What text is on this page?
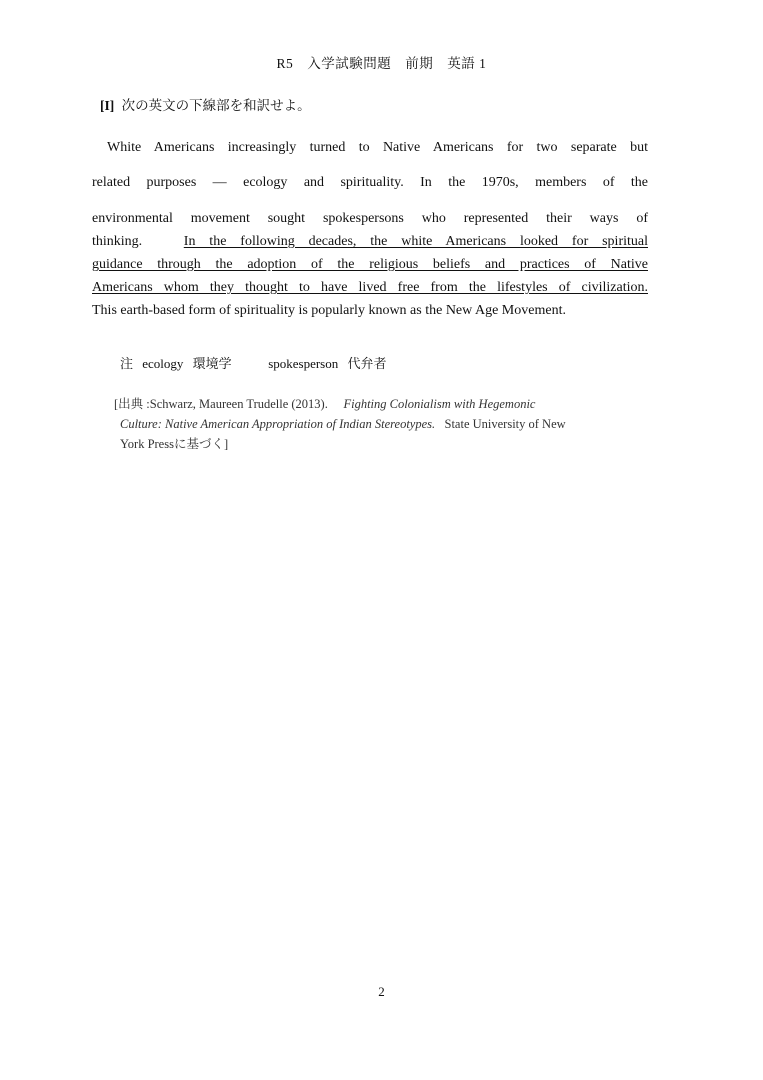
R5　入学試験問題　前期　英語 1
[I] 次の英文の下線部を和訳せよ。
White Americans increasingly turned to Native Americans for two separate but
related purposes ― ecology and spirituality. In the 1970s, members of the
environmental movement sought spokespersons who represented their ways of
thinking.	In the following decades, the white Americans looked for spiritual
guidance through the adoption of the religious beliefs and practices of Native
Americans whom they thought to have lived free from the lifestyles of civilization.
This earth-based form of spirituality is popularly known as the New Age Movement.
注 ecology 環境学	spokesperson 代弁者
[出典 :Schwarz, Maureen Trudelle (2013). Fighting Colonialism with Hegemonic
Culture: Native American Appropriation of Indian Stereotypes. State University of New
York Pressに基づく]
2
